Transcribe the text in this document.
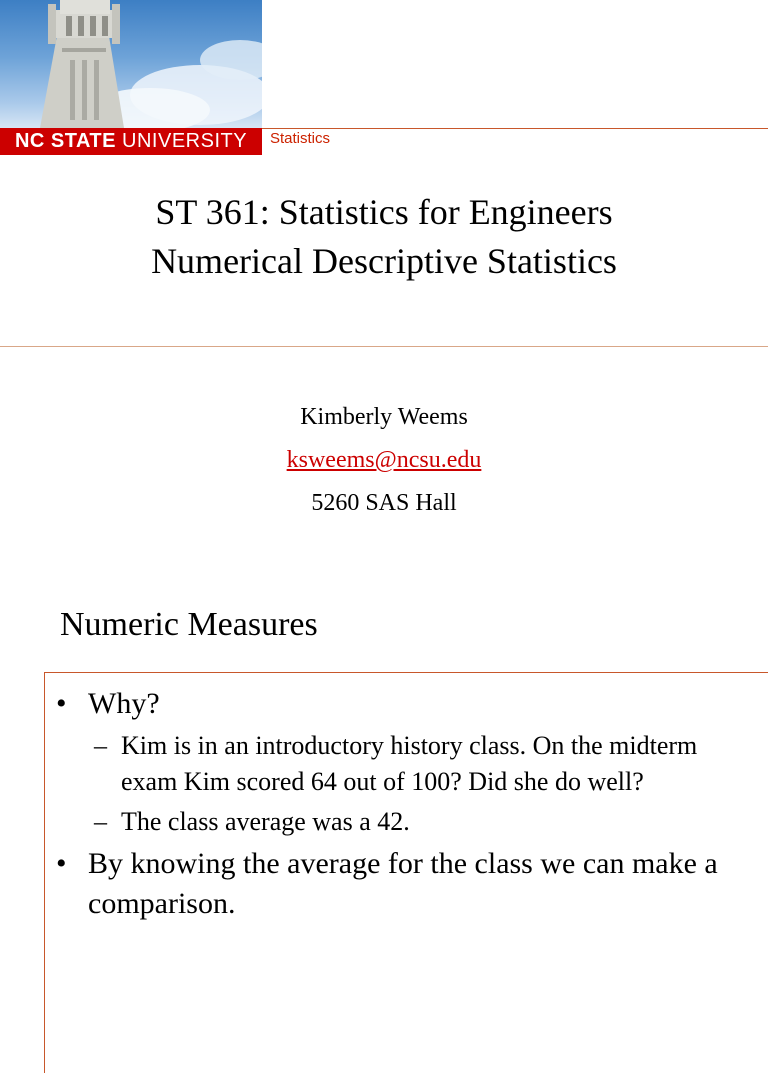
NC STATE
UNIVERSITY Statistics
ST 361: Statistics for Engineers
Numerical Descriptive Statistics
Kimberly Weems
ksweems@ncsu.edu
5260 SAS Hall
Numeric Measures
• Why?
– Kim is in an introductory history class. On the midterm exam Kim scored 64 out of 100? Did she do well?
– The class average was a 42.
• By knowing the average for the class we can make a comparison.
